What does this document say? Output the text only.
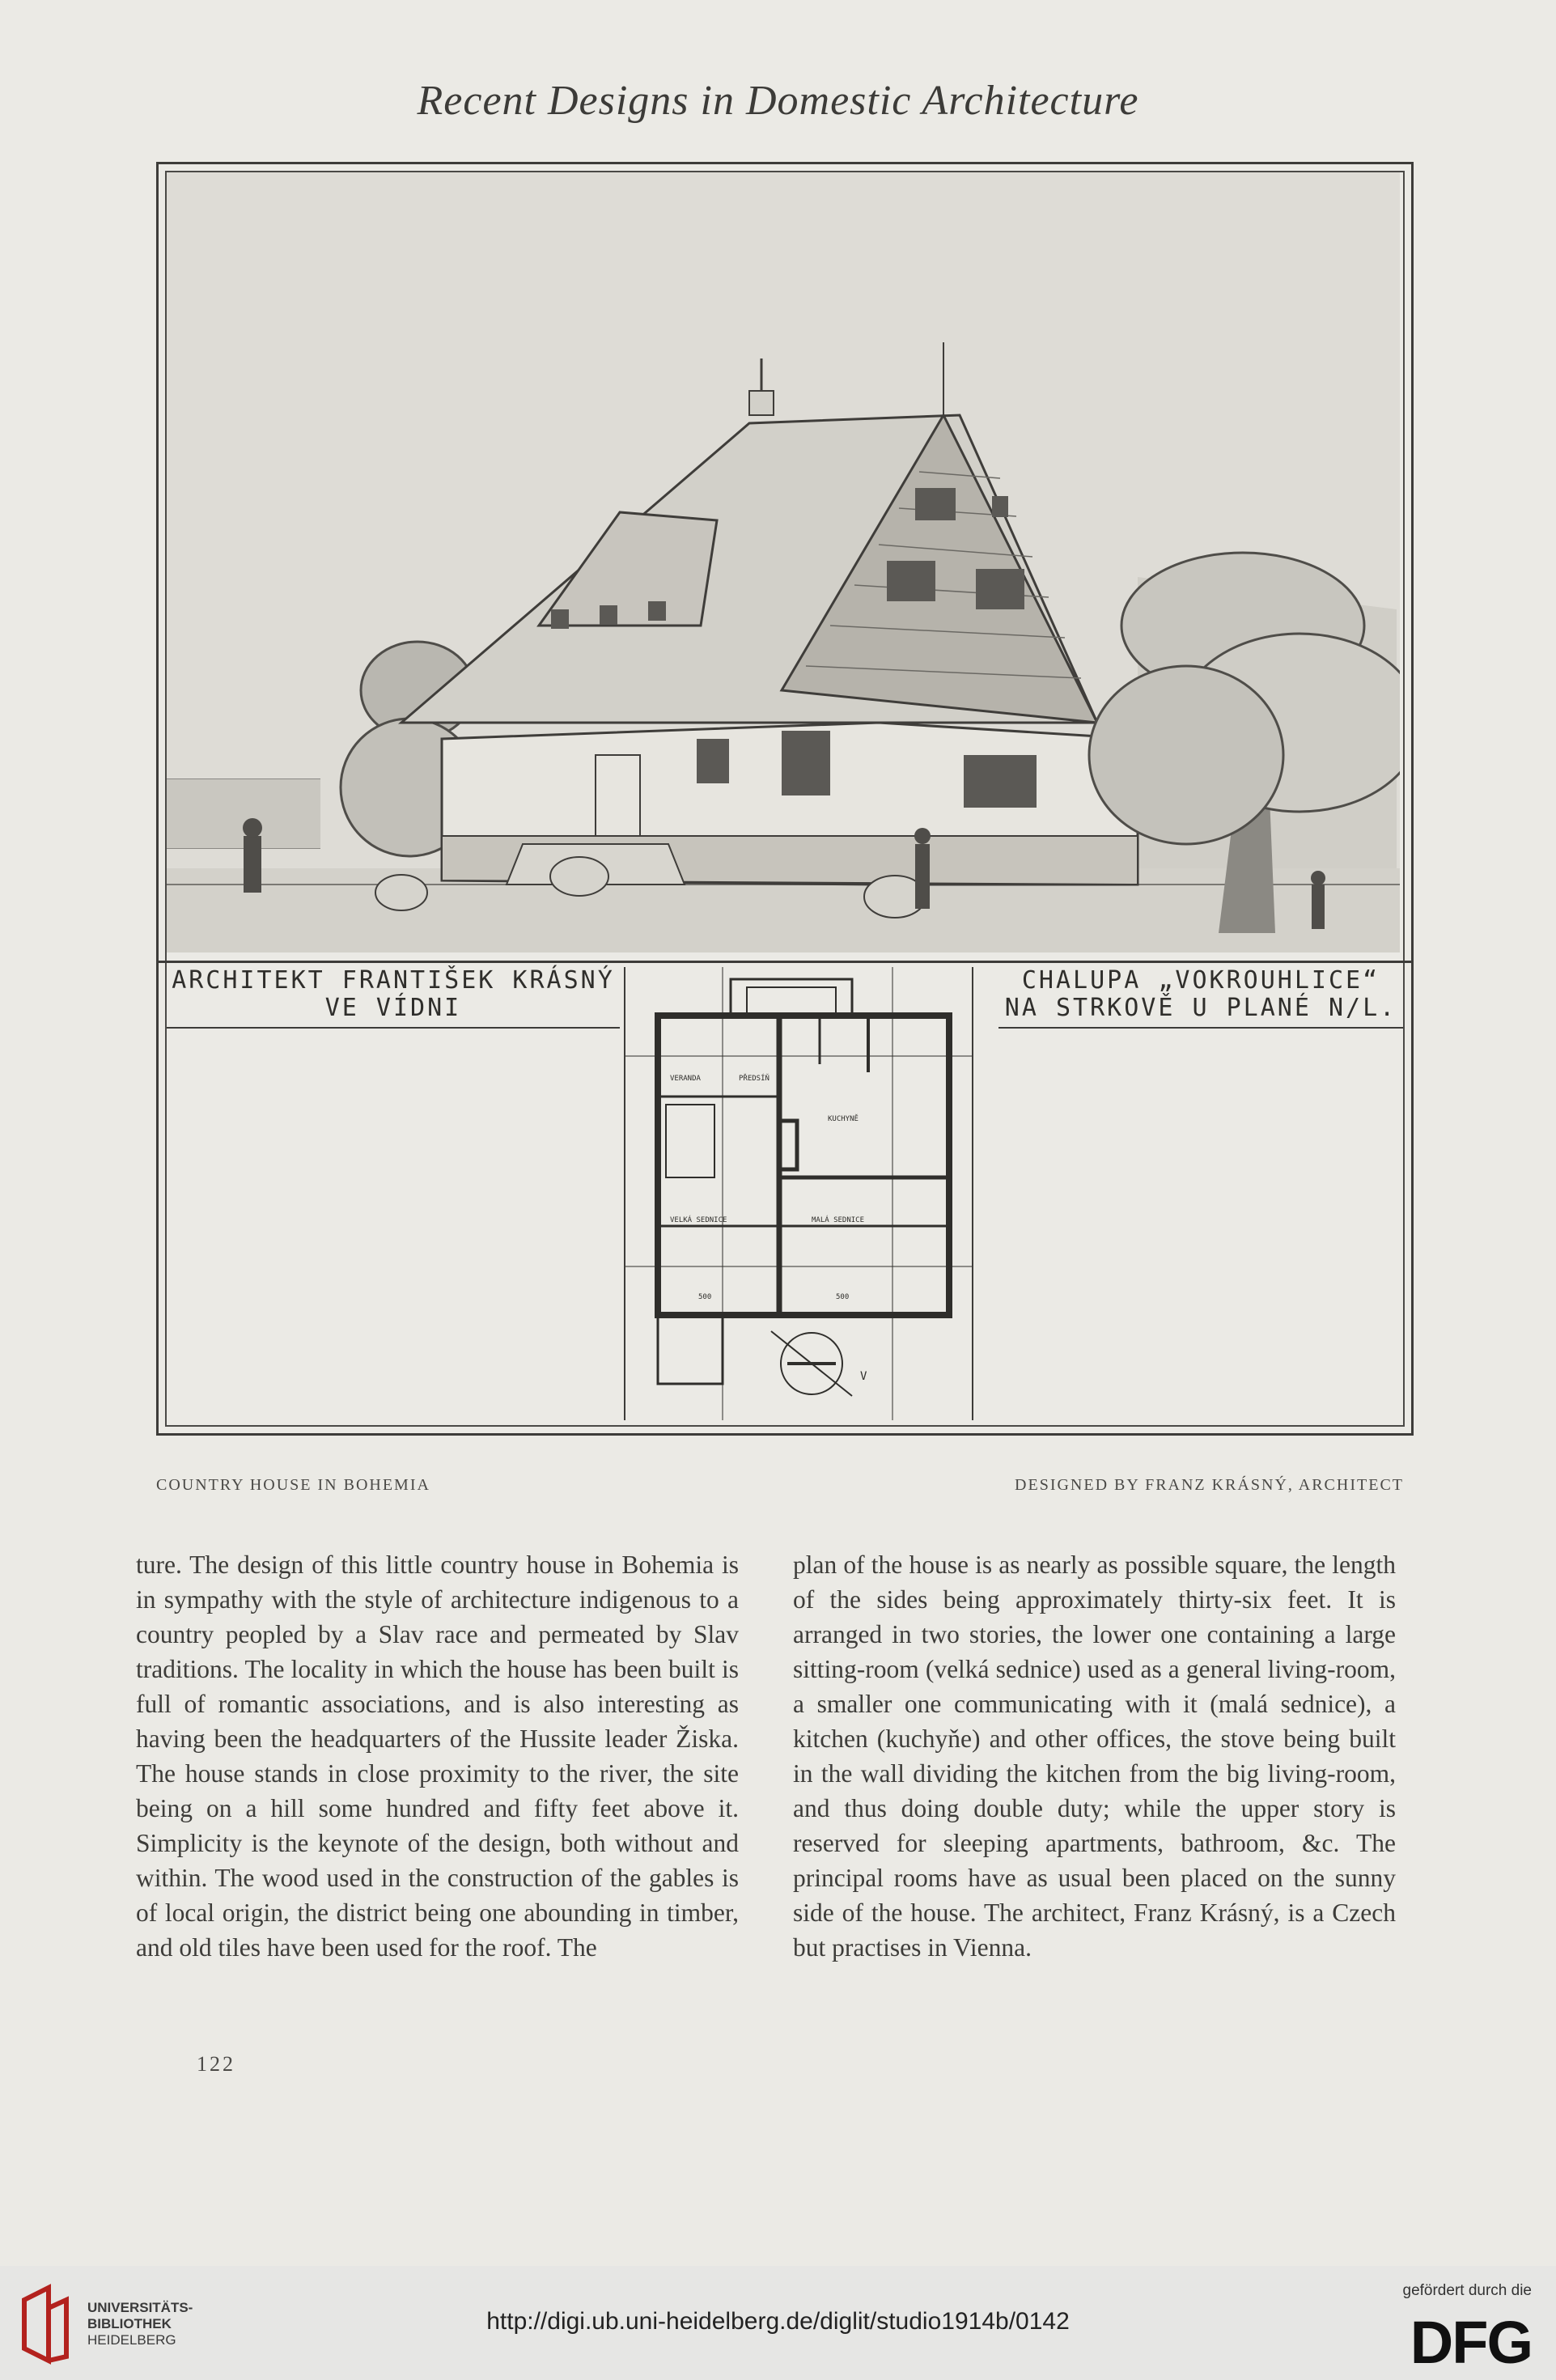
Recent Designs in Domestic Architecture
ARCHITEKT FRANTIŠEK KRÁSNÝ
VE VÍDNI
CHALUPA „VOKROUHLICE“
NA STRKOVĚ U PLANÉ N/L.
VERANDA	PŘEDSÍŇ
KUCHYNĚ
VELKÁ SEDNICE	MALÁ SEDNICE
500	500
V
COUNTRY HOUSE IN BOHEMIA	DESIGNED BY FRANZ KRÁSNÝ, ARCHITECT

ture. The design of this little country house in Bohemia is in sympathy with the style of architecture indigenous to a country peopled by a Slav race and permeated by Slav traditions. The locality in which the house has been built is full of romantic associations, and is also interesting as having been the headquarters of the Hussite leader Žiska. The house stands in close proximity to the river, the site being on a hill some hundred and fifty feet above it. Simplicity is the keynote of the design, both without and within. The wood used in the construction of the gables is of local origin, the district being one abounding in timber, and old tiles have been used for the roof. The

plan of the house is as nearly as possible square, the length of the sides being approximately thirty-six feet. It is arranged in two stories, the lower one containing a large sitting-room (velká sednice) used as a general living-room, a smaller one communicating with it (malá sednice), a kitchen (kuchyňe) and other offices, the stove being built in the wall dividing the kitchen from the big living-room, and thus doing double duty; while the upper story is reserved for sleeping apartments, bathroom, &c. The principal rooms have as usual been placed on the sunny side of the house. The architect, Franz Krásný, is a Czech but practises in Vienna.

122
UNIVERSITÄTS-
BIBLIOTHEK
HEIDELBERG
http://digi.ub.uni-heidelberg.de/diglit/studio1914b/0142
gefördert durch die
DFG
